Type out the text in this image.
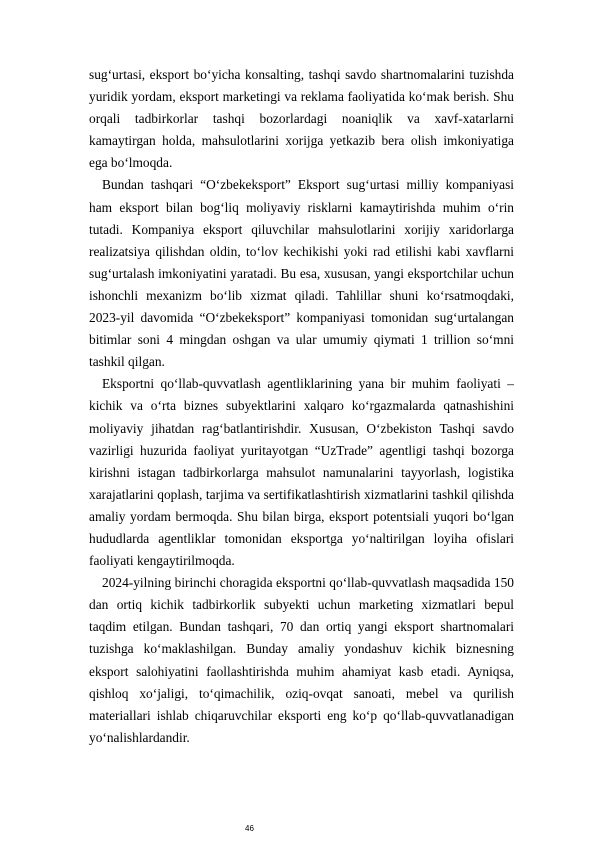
sug‘urtasi, eksport bo‘yicha konsalting, tashqi savdo shartnomalarini tuzishda yuridik yordam, eksport marketingi va reklama faoliyatida ko‘mak berish. Shu orqali tadbirkorlar tashqi bozorlardagi noaniqlik va xavf-xatarlarni kamaytirgan holda, mahsulotlarini xorijga yetkazib bera olish imkoniyatiga ega bo‘lmoqda.

Bundan tashqari “O‘zbekeksport” Eksport sug‘urtasi milliy kompaniyasi ham eksport bilan bog‘liq moliyaviy risklarni kamaytirishda muhim o‘rin tutadi. Kompaniya eksport qiluvchilar mahsulotlarini xorijiy xaridorlarga realizatsiya qilishdan oldin, to‘lov kechikishi yoki rad etilishi kabi xavflarni sug‘urtalash imkoniyatini yaratadi. Bu esa, xususan, yangi eksportchilar uchun ishonchli mexanizm bo‘lib xizmat qiladi. Tahlillar shuni ko‘rsatmoqdaki, 2023-yil davomida “O‘zbekeksport” kompaniyasi tomonidan sug‘urtalangan bitimlar soni 4 mingdan oshgan va ular umumiy qiymati 1 trillion so‘mni tashkil qilgan.

Eksportni qo‘llab-quvvatlash agentliklarining yana bir muhim faoliyati – kichik va o‘rta biznes subyektlarini xalqaro ko‘rgazmalarda qatnashishini moliyaviy jihatdan rag‘batlantirishdir. Xususan, O‘zbekiston Tashqi savdo vazirligi huzurida faoliyat yuritayotgan “UzTrade” agentligi tashqi bozorga kirishni istagan tadbirkorlarga mahsulot namunalarini tayyorlash, logistika xarajatlarini qoplash, tarjima va sertifikatlashtirish xizmatlarini tashkil qilishda amaliy yordam bermoqda. Shu bilan birga, eksport potentsiali yuqori bo‘lgan hududlarda agentliklar tomonidan eksportga yo‘naltirilgan loyiha ofislari faoliyati kengaytirilmoqda.

2024-yilning birinchi choragida eksportni qo‘llab-quvvatlash maqsadida 150 dan ortiq kichik tadbirkorlik subyekti uchun marketing xizmatlari bepul taqdim etilgan. Bundan tashqari, 70 dan ortiq yangi eksport shartnomalari tuzishga ko‘maklashilgan. Bunday amaliy yondashuv kichik biznesning eksport salohiyatini faollashtirishda muhim ahamiyat kasb etadi. Ayniqsa, qishloq xo‘jaligi, to‘qimachilik, oziq-ovqat sanoati, mebel va qurilish materiallari ishlab chiqaruvchilar eksporti eng ko‘p qo‘llab-quvvatlanadigan yo‘nalishlardandir.

46
